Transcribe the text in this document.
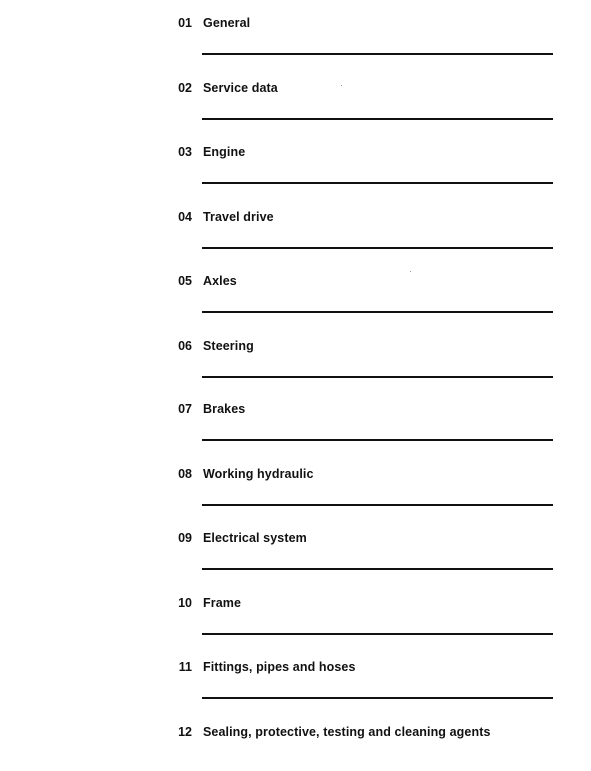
01 General
02 Service data
03 Engine
04 Travel drive
05 Axles
06 Steering
07 Brakes
08 Working hydraulic
09 Electrical system
10 Frame
11 Fittings, pipes and hoses
12 Sealing, protective, testing and cleaning agents
